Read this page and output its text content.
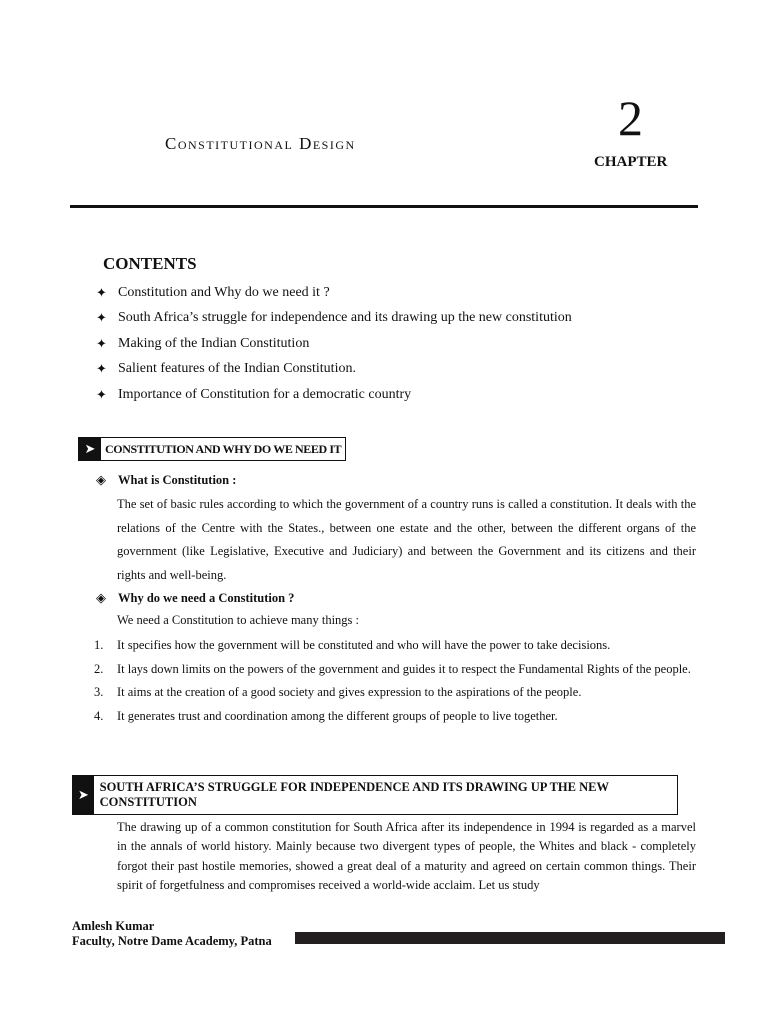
Constitutional Design	2
CHAPTER
CONTENTS
✦ Constitution and Why do we need it ?
✦ South Africa’s struggle for independence and its drawing up the new constitution
✦ Making of the Indian Constitution
✦ Salient features of the Indian Constitution.
✦ Importance of Constitution for a democratic country
➤ CONSTITUTION AND WHY DO WE NEED IT
◈ What is Constitution :
The set of basic rules according to which the government of a country runs is called a constitution. It deals with the relations of the Centre with the States., between one estate and the other, between the different organs of the government (like Legislative, Executive and Judiciary) and between the Government and its citizens and their rights and well-being.
◈ Why do we need a Constitution ?
We need a Constitution to achieve many things :
1.	It specifies how the government will be constituted and who will have the power to take decisions.
2.	It lays down limits on the powers of the government and guides it to respect the Fundamental Rights of the people.
3.	It aims at the creation of a good society and gives expression to the aspirations of the people.
4.	It generates trust and coordination among the different groups of people to live together.
➤ SOUTH AFRICA’S STRUGGLE FOR INDEPENDENCE AND ITS DRAWING UP THE NEW CONSTITUTION
The drawing up of a common constitution for South Africa after its independence in 1994 is regarded as a marvel in the annals of world history. Mainly because two divergent types of people, the Whites and black - completely forgot their past hostile memories, showed a great deal of a maturity and agreed on certain common things. Their spirit of forgetfulness and compromises received a world-wide acclaim. Let us study
Amlesh Kumar
Faculty, Notre Dame Academy, Patna
